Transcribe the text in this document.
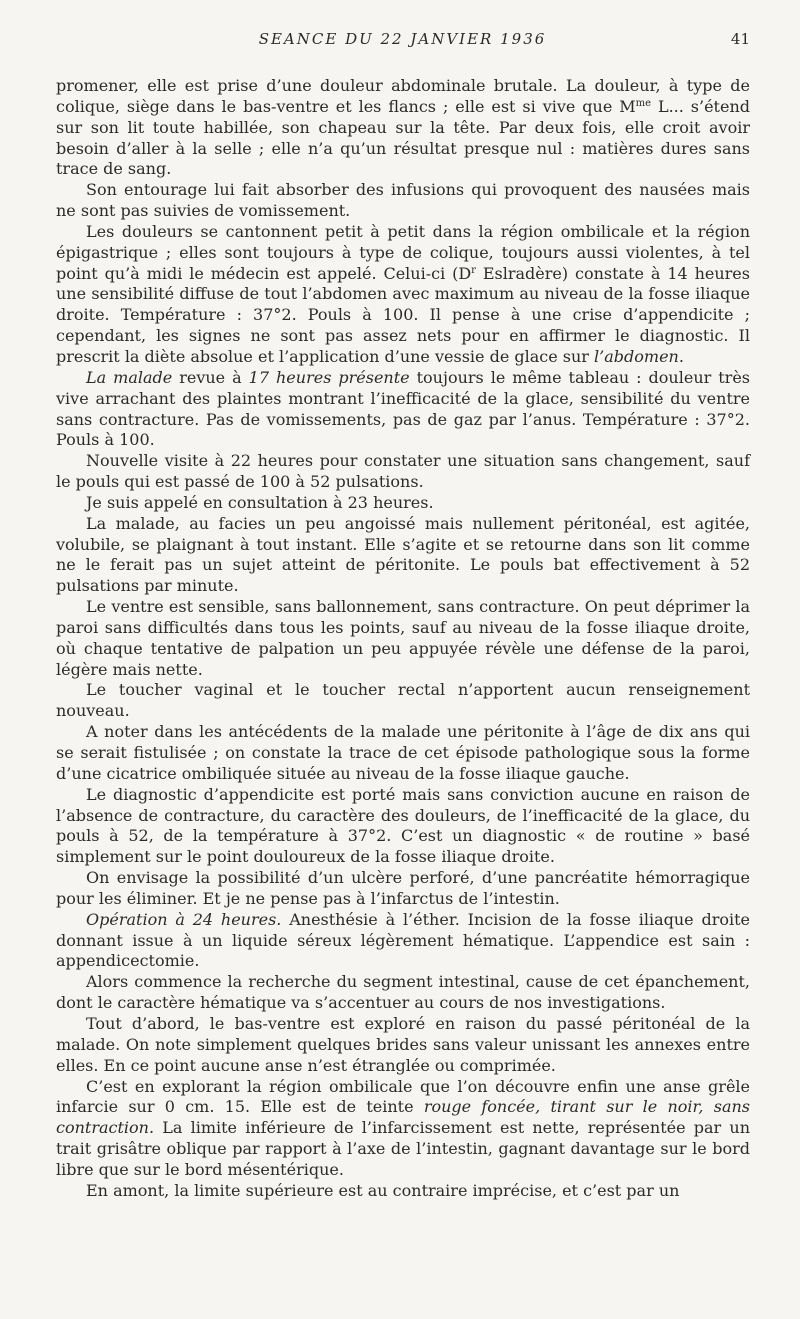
SEANCE DU 22 JANVIER 1936	41

promener, elle est prise d’une douleur abdominale brutale. La douleur, à type de colique, siège dans le bas-ventre et les flancs ; elle est si vive que $M^{me}$ L... s’étend sur son lit toute habillée, son chapeau sur la tête. Par deux fois, elle croit avoir besoin d’aller à la selle ; elle n’a qu’un résultat presque nul : matières dures sans trace de sang.

Son entourage lui fait absorber des infusions qui provoquent des nausées mais ne sont pas suivies de vomissement.

Les douleurs se cantonnent petit à petit dans la région ombilicale et la région épigastrique ; elles sont toujours à type de colique, toujours aussi violentes, à tel point qu’à midi le médecin est appelé. Celui-ci ($D^r$ Eslradère) constate à 14 heures une sensibilité diffuse de tout l’abdomen avec maximum au niveau de la fosse iliaque droite. Température : 37°2. Pouls à 100. Il pense à une crise d’appendicite ; cependant, les signes ne sont pas assez nets pour en affirmer le diagnostic. Il prescrit la diète absolue et l’application d’une vessie de glace sur l’abdomen.

La malade revue à 17 heures présente toujours le même tableau : douleur très vive arrachant des plaintes montrant l’inefficacité de la glace, sensibilité du ventre sans contracture. Pas de vomissements, pas de gaz par l’anus. Température : 37°2. Pouls à 100.

Nouvelle visite à 22 heures pour constater une situation sans changement, sauf le pouls qui est passé de 100 à 52 pulsations.

Je suis appelé en consultation à 23 heures.

La malade, au facies un peu angoissé mais nullement péritonéal, est agitée, volubile, se plaignant à tout instant. Elle s’agite et se retourne dans son lit comme ne le ferait pas un sujet atteint de péritonite. Le pouls bat effectivement à 52 pulsations par minute.

Le ventre est sensible, sans ballonnement, sans contracture. On peut déprimer la paroi sans difficultés dans tous les points, sauf au niveau de la fosse iliaque droite, où chaque tentative de palpation un peu appuyée révèle une défense de la paroi, légère mais nette.

Le toucher vaginal et le toucher rectal n’apportent aucun renseignement nouveau.

A noter dans les antécédents de la malade une péritonite à l’âge de dix ans qui se serait fistulisée ; on constate la trace de cet épisode pathologique sous la forme d’une cicatrice ombiliquée située au niveau de la fosse iliaque gauche.

Le diagnostic d’appendicite est porté mais sans conviction aucune en raison de l’absence de contracture, du caractère des douleurs, de l’inefficacité de la glace, du pouls à 52, de la température à 37°2. C’est un diagnostic « de routine » basé simplement sur le point douloureux de la fosse iliaque droite.

On envisage la possibilité d’un ulcère perforé, d’une pancréatite hémorragique pour les éliminer. Et je ne pense pas à l’infarctus de l’intestin.

Opération à 24 heures. Anesthésie à l’éther. Incision de la fosse iliaque droite donnant issue à un liquide séreux légèrement hématique. L’appendice est sain : appendicectomie.

Alors commence la recherche du segment intestinal, cause de cet épanchement, dont le caractère hématique va s’accentuer au cours de nos investigations.

Tout d’abord, le bas-ventre est exploré en raison du passé péritonéal de la malade. On note simplement quelques brides sans valeur unissant les annexes entre elles. En ce point aucune anse n’est étranglée ou comprimée.

C’est en explorant la région ombilicale que l’on découvre enfin une anse grêle infarcie sur 0 cm. 15. Elle est de teinte rouge foncée, tirant sur le noir, sans contraction. La limite inférieure de l’infarcissement est nette, représentée par un trait grisâtre oblique par rapport à l’axe de l’intestin, gagnant davantage sur le bord libre que sur le bord mésentérique.

En amont, la limite supérieure est au contraire imprécise, et c’est par un
